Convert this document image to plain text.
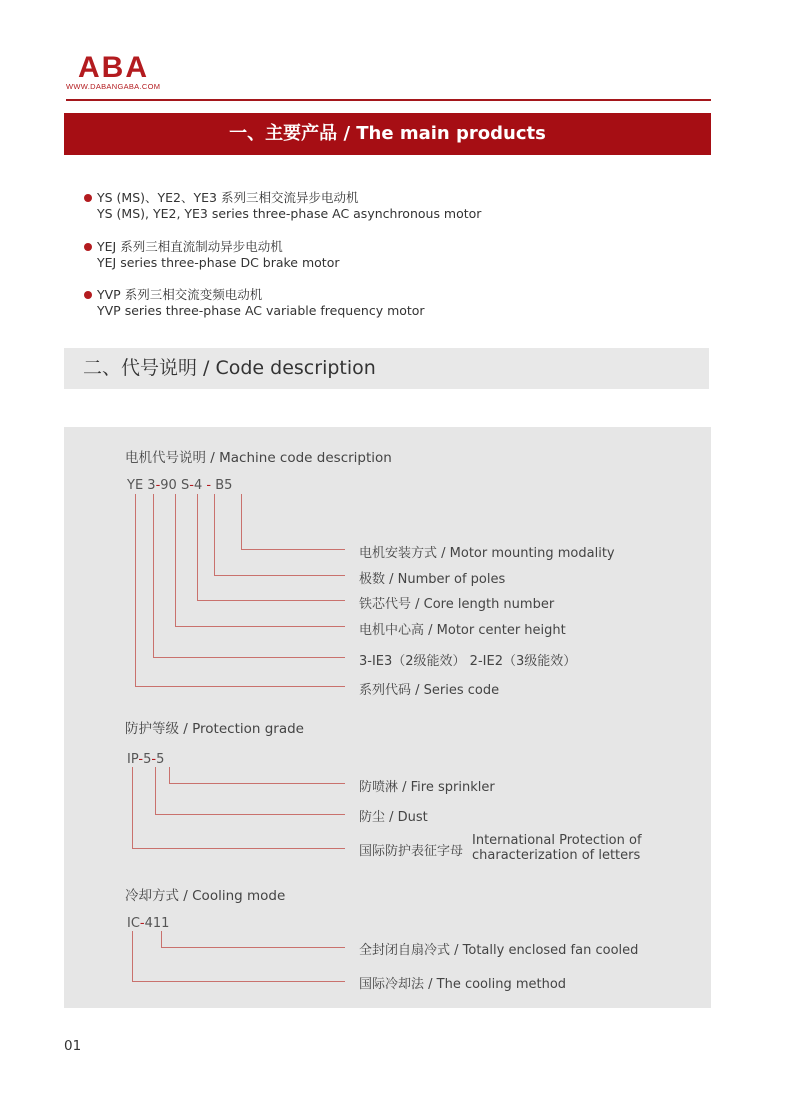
ABA
WWW.DABANGABA.COM
一、主要产品 / The main products
YS (MS)、YE2、YE3 系列三相交流异步电动机
YS (MS), YE2, YE3 series three-phase AC asynchronous motor
YEJ 系列三相直流制动异步电动机
YEJ series three-phase DC brake motor
YVP 系列三相交流变频电动机
YVP series three-phase AC variable frequency motor
二、代号说明 / Code description
电机代号说明 / Machine code description
YE 3-90 S-4 - B5
电机安装方式 / Motor mounting modality
极数 / Number of poles
铁芯代号 / Core length number
电机中心高 / Motor center height
3-IE3（2级能效） 2-IE2（3级能效）
系列代码 / Series code
防护等级 / Protection grade
IP-5-5
防喷淋 / Fire sprinkler
防尘 / Dust
国际防护表征字母
International Protection of
characterization of letters
冷却方式 / Cooling mode
IC-411
全封闭自扇冷式 / Totally enclosed fan cooled
国际冷却法 / The cooling method
01
